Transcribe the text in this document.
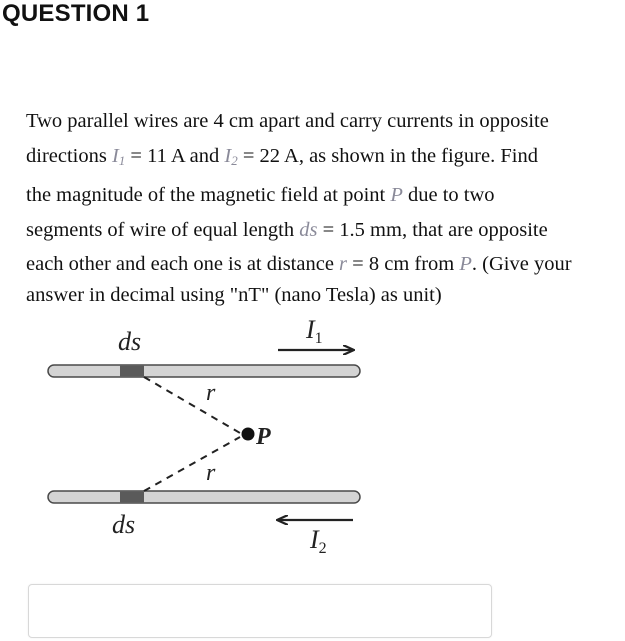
QUESTION 1
Two parallel wires are 4 cm apart and carry currents in opposite
directions $I_1 = 11$ A and $I_2 = 22$ A, as shown in the figure. Find
the magnitude of the magnetic field at point P due to two
segments of wire of equal length ds = 1.5 mm, that are opposite
each other and each one is at distance r = 8 cm from P. (Give your
answer in decimal using "nT" (nano Tesla) as unit)
ds
ds
I1
I2
r
r
P
